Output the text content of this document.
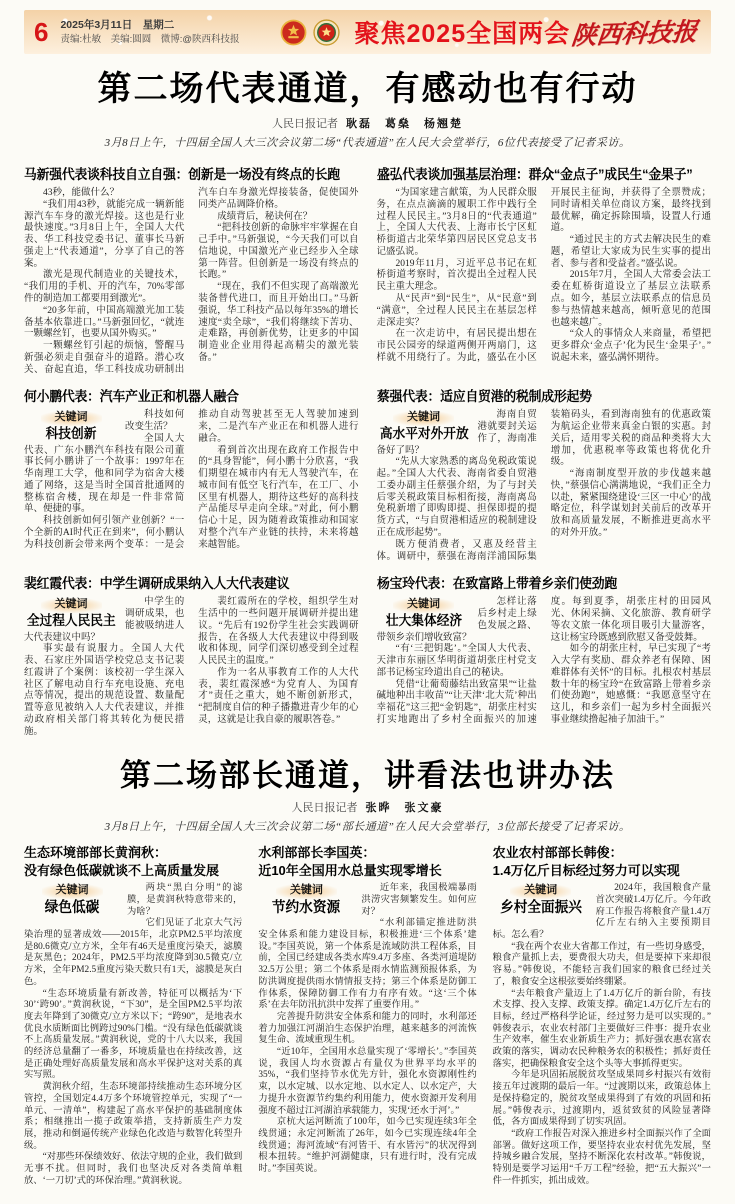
6 2025年3月11日　星期二
责编:杜敏　美编:圆圆　微博:@陕西科技报	聚焦2025全国两会 陕西科技报
第二场代表通道，有感动也有行动
人民日报记者 耿磊　葛燊　杨翘楚
3月8日上午，十四届全国人大三次会议第二场“代表通道”在人民大会堂举行，6位代表接受了记者采访。
马新强代表谈科技自立自强：创新是一场没有终点的长跑

43秒，能做什么？

“我们用43秒，就能完成一辆新能源汽车车身的激光焊接。这也是行业最快速度。”3月8日上午，全国人大代表、华工科技党委书记、董事长马新强走上“代表通道”，分享了自己的答案。

激光是现代制造业的关键技术，“我们用的手机、开的汽车，70%零部件的制造加工都要用到激光”。

“20多年前，中国高端激光加工装备基本依靠进口。”马新强回忆，“就连一颗螺丝钉，也要从国外购买。”

一颗螺丝钉引起的烦恼，警醒马新强必须走自强奋斗的道路。潜心攻关、奋起直追，华工科技成功研制出汽车白车身激光焊接装备，促使国外同类产品调降价格。

成绩背后，秘诀何在？

“把科技创新的命脉牢牢掌握在自己手中。”马新强说，“今天我们可以自信地说，中国激光产业已经步入全球第一阵营。但创新是一场没有终点的长跑。”

“现在，我们不但实现了高端激光装备替代进口，而且开始出口。”马新强说，华工科技产品以每年35%的增长速度“卖全球”，“我们将继续下苦功、走难路，再创新优势，让更多的中国制造业企业用得起高精尖的激光装备。”

盛弘代表谈加强基层治理：群众“金点子”成民生“金果子”

“为国家建言献策，为人民群众服务，在点点滴滴的履职工作中践行全过程人民民主。”3月8日的“代表通道”上，全国人大代表、上海市长宁区虹桥街道古北荣华第四居民区党总支书记盛弘说。

2019年11月，习近平总书记在虹桥街道考察时，首次提出全过程人民民主重大理念。

从“民声”到“民生”，从“民意”到“满意”，全过程人民民主在基层怎样走深走实？

在一次走访中，有居民提出想在市民公园旁的绿道两侧开两扇门，这样就不用绕行了。为此，盛弘在小区开展民主征询，并获得了全票赞成；同时请相关单位商议方案，最终找到最优解，确定拆除围墙，设置人行通道。

“通过民主的方式去解决民生的难题，希望让大家成为民生实事的提出者、参与者和受益者。”盛弘说。

2015年7月，全国人大常委会法工委在虹桥街道设立了基层立法联系点。如今，基层立法联系点的信息员参与热情越来越高，倾听意见的范围也越来越广。

“众人的事情众人来商量，希望把更多群众‘金点子’化为民生‘金果子’。”说起未来，盛弘满怀期待。

何小鹏代表：汽车产业正和机器人融合
关键词
科技创新

科技如何改变生活？

全国人大代表、广东小鹏汽车科技有限公司董事长何小鹏讲了一个故事：1997年在华南理工大学，他和同学为宿舍大楼通了网络，这是当时全国首批通网的整栋宿舍楼，现在却是一件非常简单、便捷的事。

科技创新如何引领产业创新？“一个全新的AI时代正在到来”，何小鹏认为科技创新会带来两个变革：一是会推动自动驾驶甚至无人驾驶加速到来，二是汽车产业正在和机器人进行融合。

看到首次出现在政府工作报告中的“具身智能”，何小鹏十分欣喜，“我们期望在城市内有无人驾驶汽车，在城市间有低空飞行汽车，在工厂、小区里有机器人，期待这些好的高科技产品能尽早走向全球。”对此，何小鹏信心十足，因为随着政策推动和国家对整个汽车产业链的扶持，未来将越来越智能。

蔡强代表：适应自贸港的税制成形起势
关键词
高水平对外开放

海南自贸港就要封关运作了，海南准备好了吗？

“先从大家熟悉的离岛免税政策说起。”全国人大代表、海南省委自贸港工委办副主任蔡强介绍，为了与封关后零关税政策目标相衔接，海南离岛免税新增了即购即提、担保即提的提货方式，“与自贸港相适应的税制建设正在成形起势”。

既方便消费者，又惠及经营主体。调研中，蔡强在海南洋浦国际集装箱码头，看到海南独有的优惠政策为航运企业带来真金白银的实惠。封关后，适用零关税的商品种类将大大增加，优惠税率等政策也将优化升级。

“海南制度型开放的步伐越来越快，”蔡强信心满满地说，“我们正全力以赴，紧紧围绕建设‘三区一中心’的战略定位，科学谋划封关前后的改革开放和高质量发展，不断推进更高水平的对外开放。”

裴红霞代表：中学生调研成果纳入人大代表建议
关键词
全过程人民民主

中学生的调研成果，也能被吸纳进人大代表建议中吗？

事实最有说服力。全国人大代表、石家庄外国语学校党总支书记裴红霞讲了个案例：该校初一学生深入社区了解电动自行车充电设施、充电点等情况，提出的规范设置、数量配置等意见被纳入人大代表建议，并推动政府相关部门将其转化为便民措施。

裴红霞所在的学校，组织学生对生活中的一些问题开展调研并提出建议。“先后有192份学生社会实践调研报告，在各级人大代表建议中得到吸收和体现，同学们深切感受到全过程人民民主的温度。”

作为一名从事教育工作的人大代表，裴红霞深感“为党育人、为国育才”责任之重大，她不断创新形式，“把制度自信的种子播撒进青少年的心灵，这就是让我自豪的履职答卷。”

杨宝玲代表：在致富路上带着乡亲们使劲跑
关键词
壮大集体经济

怎样让落后乡村走上绿色发展之路、带领乡亲们增收致富？

“有‘三把钥匙’。”全国人大代表、天津市东丽区华明街道胡张庄村党支部书记杨宝玲道出自己的秘诀。

凭借“让葡萄藤结出致富果”“让盐碱地种出丰收苗”“让天津‘北大荒’种出幸福花”这三把“金钥匙”，胡张庄村实打实地跑出了乡村全面振兴的加速度。每到夏季，胡张庄村的田园风光、休闲采摘、文化旅游、教育研学等农文旅一体化项目吸引大量游客，这让杨宝玲既感到欣慰又备受鼓舞。

如今的胡张庄村，早已实现了“考入大学有奖励、群众养老有保障、困难群体有关怀”的目标。扎根农村基层数十年的杨宝玲“在致富路上带着乡亲们使劲跑”，她感慨：“我愿意坚守在这儿，和乡亲们一起为乡村全面振兴事业继续撸起袖子加油干。”

第二场部长通道，讲看法也讲办法
人民日报记者 张晔　张文豪
3月8日上午，十四届全国人大三次会议第二场“部长通道”在人民大会堂举行，3位部长接受了记者采访。
生态环境部部长黄润秋：
没有绿色低碳就谈不上高质量发展
关键词
绿色低碳

两块“黑白分明”的滤膜，是黄润秋特意带来的，为啥？

它们见证了北京大气污染治理的显著成效——2015年，北京PM2.5平均浓度是80.6微克/立方米，全年有46天是重度污染天，滤膜是灰黑色；2024年，PM2.5平均浓度降到30.5微克/立方米，全年PM2.5重度污染天数只有1天，滤膜是灰白色。

“生态环境质量有新改善，特征可以概括为‘下30’‘跨90’。”黄润秋说，“下30”，是全国PM2.5平均浓度去年降到了30微克/立方米以下；“跨90”，是地表水优良水质断面比例跨过90%门槛。“没有绿色低碳就谈不上高质量发展。”黄润秋说，党的十八大以来，我国的经济总量翻了一番多，环境质量也在持续改善，这是正确处理好高质量发展和高水平保护这对关系的真实写照。

黄润秋介绍，生态环境部持续推动生态环境分区管控，全国划定4.4万多个环境管控单元，实现了“一单元、一清单”，构建起了高水平保护的基础制度体系；相继推出一揽子政策举措，支持新质生产力发展，推动和倒逼传统产业绿色化改造与数智化转型升级。

“对那些环保绩效好、依法守规的企业，我们做到无事不扰。但同时，我们也坚决反对各类简单粗放、‘一刀切’式的环保治理。”黄润秋说。

水利部部长李国英：
近10年全国用水总量实现零增长
关键词
节约水资源

近年来，我国极端暴雨洪涝灾害频繁发生。如何应对？

“水利部锚定推进防洪安全体系和能力建设目标，积极推进‘三个体系’建设。”李国英说，第一个体系是流域防洪工程体系，目前，全国已经建成各类水库9.4万多座、各类河道堤防32.5万公里；第二个体系是雨水情监测预报体系，为防洪调度提供雨水情情报支持；第三个体系是防御工作体系，保障防御工作有力有序有效。“这‘三个体系’在去年防汛抗洪中发挥了重要作用。”

完善提升防洪安全体系和能力的同时，水利部还着力加强江河湖泊生态保护治理，越来越多的河流恢复生命、流域重现生机。

“近10年，全国用水总量实现了‘零增长’。”李国英说，我国人均水资源占有量仅为世界平均水平的35%，“我们坚持节水优先方针，强化水资源刚性约束，以水定城、以水定地、以水定人、以水定产，大力提升水资源节约集约利用能力，使水资源开发利用强度不超过江河湖泊承载能力，实现‘还水于河’。”

京杭大运河断流了100年，如今已实现连续3年全线贯通；永定河断流了26年，如今已实现连续4年全线贯通；海河流域“有河皆干、有水皆污”的状况得到根本扭转。“维护河湖健康，只有进行时，没有完成时。”李国英说。

农业农村部部长韩俊：
1.4万亿斤目标经过努力可以实现
关键词
乡村全面振兴

2024年，我国粮食产量首次突破1.4万亿斤。今年政府工作报告将粮食产量1.4万亿斤左右纳入主要预期目标。怎么看？

“我在两个农业大省都工作过，有一些切身感受，粮食产量抓上去，要费很大功夫，但是要掉下来却很容易。”韩俊说，不能轻言我们国家的粮食已经过关了，粮食安全这根弦要始终绷紧。

“去年粮食产量迈上了1.4万亿斤的新台阶，有技术支撑、投入支撑、政策支撑。确定1.4万亿斤左右的目标，经过严格科学论证，经过努力是可以实现的。”韩俊表示，农业农村部门主要做好三件事：提升农业生产效率，催生农业新质生产力；抓好强农惠农富农政策的落实，调动农民种粮务农的积极性；抓好责任落实，把确保粮食安全这个头等大事抓得更实。

今年是巩固拓展脱贫攻坚成果同乡村振兴有效衔接五年过渡期的最后一年。“过渡期以来，政策总体上是保持稳定的，脱贫攻坚成果得到了有效的巩固和拓展。”韩俊表示，过渡期内，返贫致贫的风险显著降低，各方面成果得到了切实巩固。

“政府工作报告对深入推进乡村全面振兴作了全面部署。做好这项工作，要坚持农业农村优先发展，坚持城乡融合发展，坚持不断深化农村改革。”韩俊说，特别是要学习运用“千万工程”经验，把“五大振兴”一件一件抓实，抓出成效。
